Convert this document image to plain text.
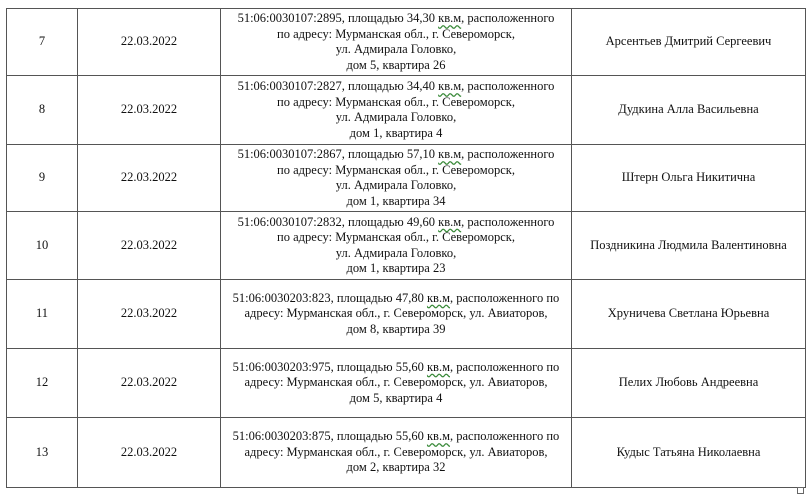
7	22.03.2022	51:06:0030107:2895, площадью 34,30 кв.м, расположенного
по адресу: Мурманская обл., г. Североморск,
ул. Адмирала Головко,
дом 5, квартира 26	Арсентьев Дмитрий Сергеевич
8	22.03.2022	51:06:0030107:2827, площадью 34,40 кв.м, расположенного
по адресу: Мурманская обл., г. Североморск,
ул. Адмирала Головко,
дом 1, квартира 4	Дудкина Алла Васильевна
9	22.03.2022	51:06:0030107:2867, площадью 57,10 кв.м, расположенного
по адресу: Мурманская обл., г. Североморск,
ул. Адмирала Головко,
дом 1, квартира 34	Штерн Ольга Никитична
10	22.03.2022	51:06:0030107:2832, площадью 49,60 кв.м, расположенного
по адресу: Мурманская обл., г. Североморск,
ул. Адмирала Головко,
дом 1, квартира 23	Поздникина Людмила Валентиновна
11	22.03.2022	51:06:0030203:823, площадью 47,80 кв.м, расположенного по
адресу: Мурманская обл., г. Североморск, ул. Авиаторов,
дом 8, квартира 39	Хруничева Светлана Юрьевна
12	22.03.2022	51:06:0030203:975, площадью 55,60 кв.м, расположенного по
адресу: Мурманская обл., г. Североморск, ул. Авиаторов,
дом 5, квартира 4	Пелих Любовь Андреевна
13	22.03.2022	51:06:0030203:875, площадью 55,60 кв.м, расположенного по
адресу: Мурманская обл., г. Североморск, ул. Авиаторов,
дом 2, квартира 32	Кудыс Татьяна Николаевна
